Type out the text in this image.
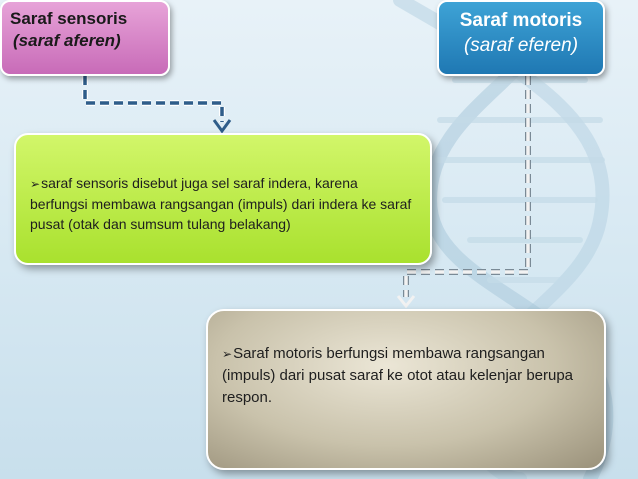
Saraf sensoris
(saraf aferen)
Saraf motoris
(saraf eferen)
➢saraf sensoris disebut juga sel saraf indera, karena berfungsi membawa rangsangan (impuls) dari indera ke saraf pusat (otak dan sumsum tulang belakang)
➢Saraf motoris berfungsi membawa rangsangan (impuls) dari pusat saraf ke otot atau kelenjar berupa respon.
